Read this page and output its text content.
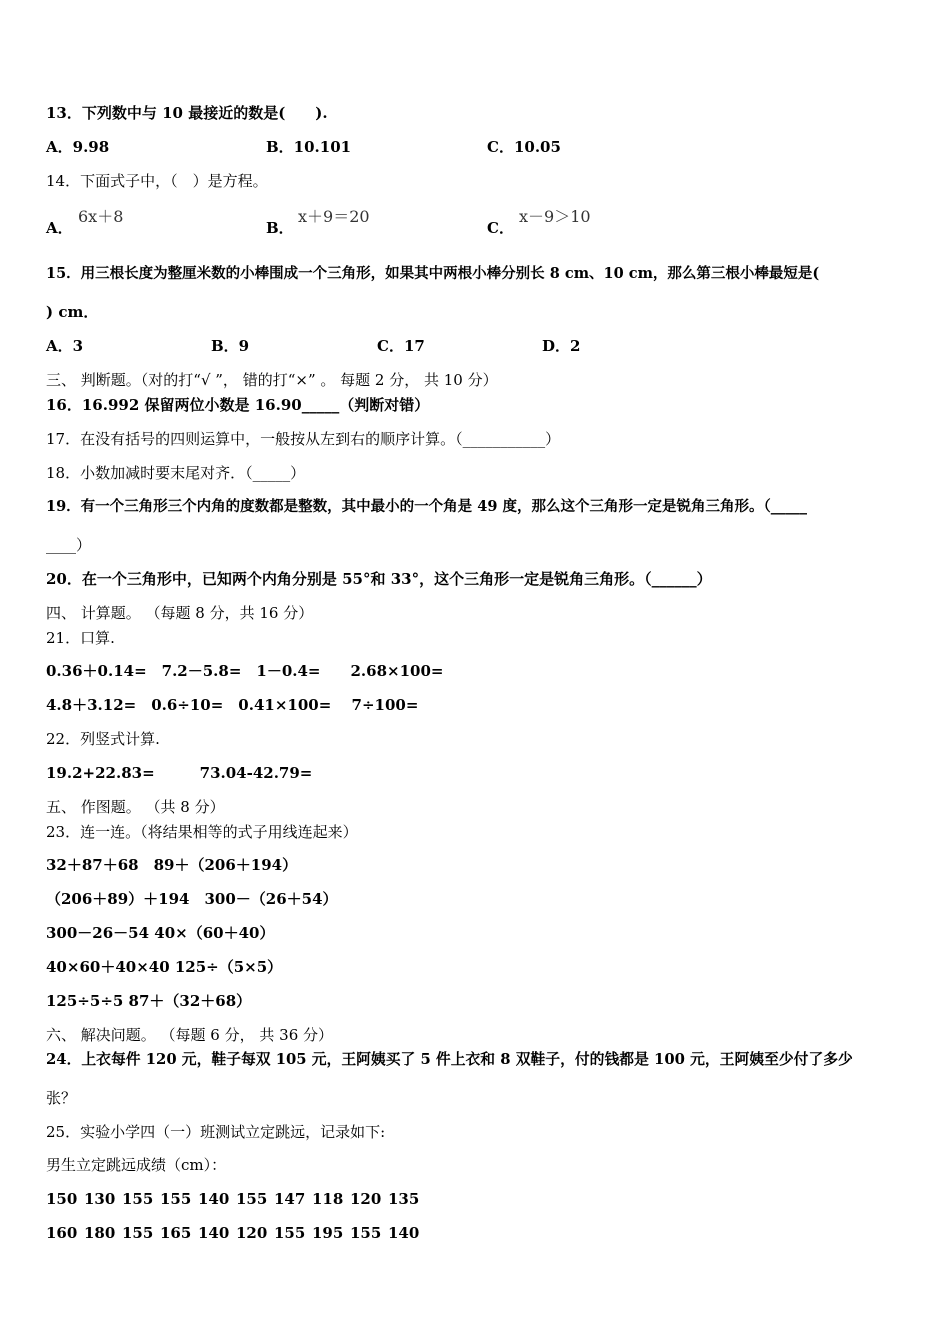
13．下列数中与 10 最接近的数是(　　).
A．9.98	B．10.101	C．10.05
14．下面式子中，（　）是方程。
A．
6x＋8
B．
x＋9＝20
C．
x－9＞10
15．用三根长度为整厘米数的小棒围成一个三角形，如果其中两根小棒分别长 8 cm、10 cm，那么第三根小棒最短是(
) cm．
A．3	B．9	C．17	D．2
三、 判断题。（对的打“√ ”， 错的打“×” 。 每题 2 分， 共 10 分）
16．16.992 保留两位小数是 16.90_____（判断对错）
17．在没有括号的四则运算中，一般按从左到右的顺序计算。（___________）
18．小数加减时要末尾对齐．（_____）
19．有一个三角形三个内角的度数都是整数，其中最小的一个角是 49 度，那么这个三角形一定是锐角三角形。（_____
____）
20．在一个三角形中，已知两个内角分别是 55°和 33°，这个三角形一定是锐角三角形。（______）
四、 计算题。 （每题 8 分，共 16 分）
21．口算.
0.36＋0.14=　7.2－5.8=　1－0.4=　　2.68×100=
4.8＋3.12=　0.6÷10=　0.41×100=　 7÷100=
22．列竖式计算.
19.2+22.83=　　　73.04-42.79=
五、 作图题。 （共 8 分）
23．连一连。（将结果相等的式子用线连起来）
32＋87＋68　89＋（206＋194）
（206＋89）＋194　300－（26＋54）
300－26－54 40×（60＋40）
40×60＋40×40 125÷（5×5）
125÷5÷5 87＋（32＋68）
六、 解决问题。 （每题 6 分， 共 36 分）
24．上衣每件 120 元，鞋子每双 105 元，王阿姨买了 5 件上衣和 8 双鞋子，付的钱都是 100 元，王阿姨至少付了多少
张？
25．实验小学四（一）班测试立定跳远，记录如下:
男生立定跳远成绩（cm）：
150 130 155 155 140 155 147 118 120 135
160 180 155 165 140 120 155 195 155 140
